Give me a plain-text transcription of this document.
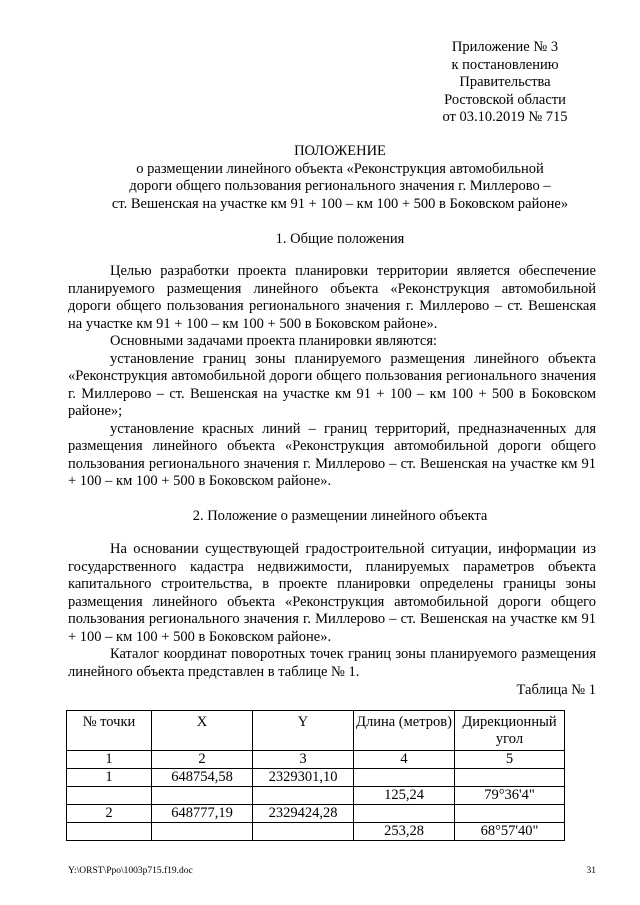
Приложение № 3
к постановлению
Правительства
Ростовской области
от 03.10.2019 № 715
ПОЛОЖЕНИЕ
о размещении линейного объекта «Реконструкция автомобильной
дороги общего пользования регионального значения г. Миллерово –
ст. Вешенская на участке км 91 + 100 – км 100 + 500 в Боковском районе»
1. Общие положения

Целью разработки проекта планировки территории является обеспечение планируемого размещения линейного объекта «Реконструкция автомобильной дороги общего пользования регионального значения г. Миллерово – ст. Вешенская на участке км 91 + 100 – км 100 + 500 в Боковском районе».

Основными задачами проекта планировки являются:

установление границ зоны планируемого размещения линейного объекта «Реконструкция автомобильной дороги общего пользования регионального значения г. Миллерово – ст. Вешенская на участке км 91 + 100 – км 100 + 500 в Боковском районе»;

установление красных линий – границ территорий, предназначенных для размещения линейного объекта «Реконструкция автомобильной дороги общего пользования регионального значения г. Миллерово – ст. Вешенская на участке км 91 + 100 – км 100 + 500 в Боковском районе».

2. Положение о размещении линейного объекта

На основании существующей градостроительной ситуации, информации из государственного кадастра недвижимости, планируемых параметров объекта капитального строительства, в проекте планировки определены границы зоны размещения линейного объекта «Реконструкция автомобильной дороги общего пользования регионального значения г. Миллерово – ст. Вешенская на участке км 91 + 100 – км 100 + 500 в Боковском районе».

Каталог координат поворотных точек границ зоны планируемого размещения линейного объекта представлен в таблице № 1.

Таблица № 1
№ точки	X	Y	Длина (метров)	Дирекционный угол
1	2	3	4	5
1	648754,58	2329301,10		
			125,24	79°36'4"
2	648777,19	2329424,28		
			253,28	68°57'40"
Y:\ORST\Ppo\1003p715.f19.doc	31
